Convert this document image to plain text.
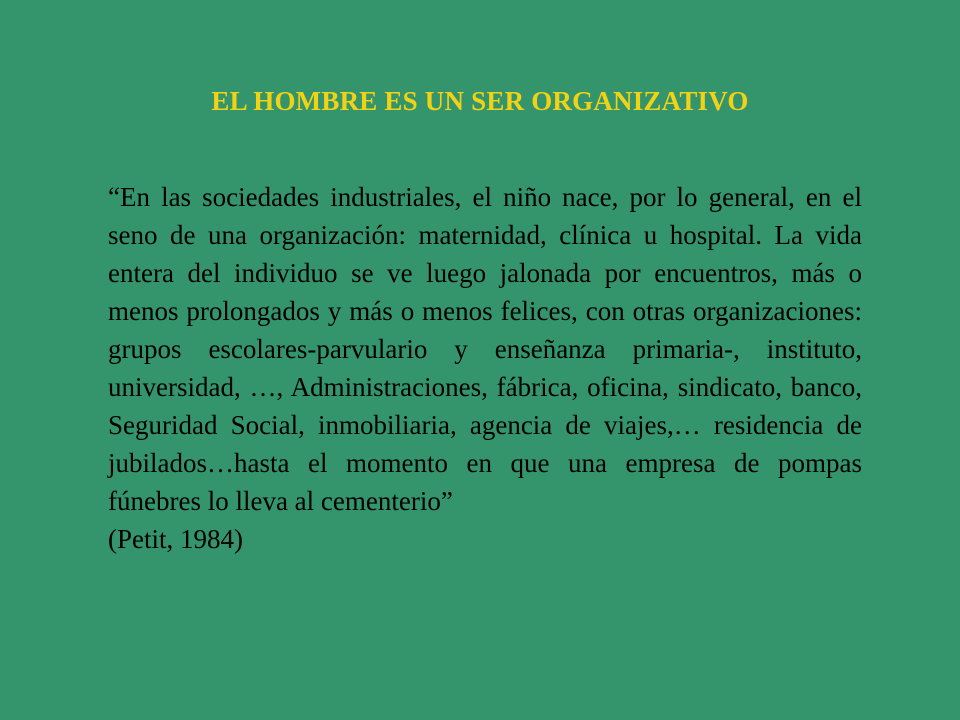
EL HOMBRE ES UN SER ORGANIZATIVO

“En las sociedades industriales, el niño nace, por lo general, en el seno de una organización: maternidad, clínica u hospital. La vida entera del individuo se ve luego jalonada por encuentros, más o menos prolongados y más o menos felices, con otras organizaciones: grupos escolares-parvulario y enseñanza primaria-, instituto, universidad, …, Administraciones, fábrica, oficina, sindicato, banco, Seguridad Social, inmobiliaria, agencia de viajes,… residencia de jubilados…hasta el momento en que una empresa de pompas fúnebres lo lleva al cementerio”

(Petit, 1984)
